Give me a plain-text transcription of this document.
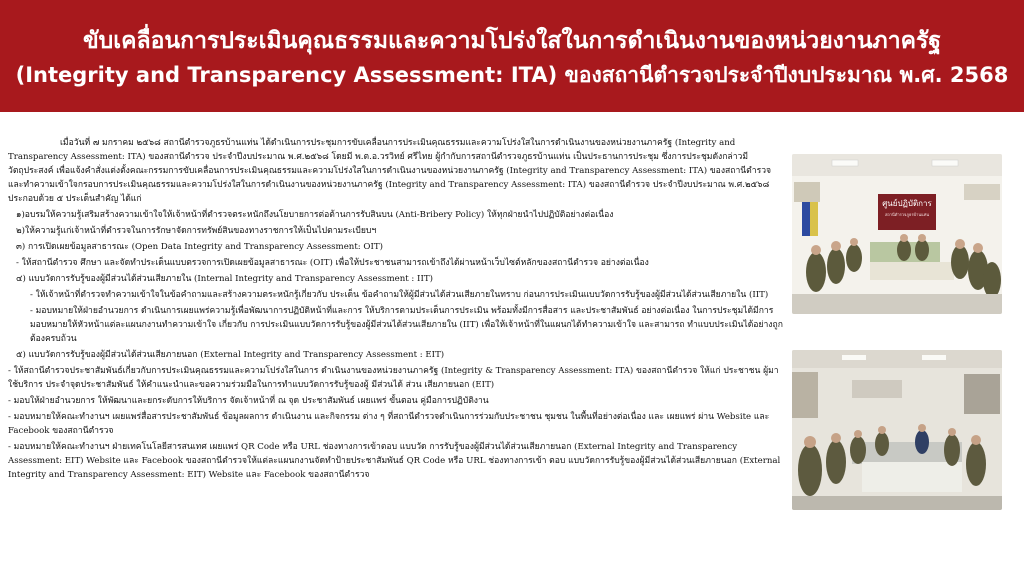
ขับเคลื่อนการประเมินคุณธรรมและความโปร่งใสในการดำเนินงานของหน่วยงานภาครัฐ
(Integrity and Transparency Assessment: ITA) ของสถานีตำรวจประจำปีงบประมาณ พ.ศ. 2568

เมื่อวันที่ ๗ มกราคม ๒๕๖๘ สถานีตำรวจภูธรบ้านแท่น ได้ดำเนินการประชุมการขับเคลื่อนการประเมินคุณธรรมและความโปร่งใสในการดำเนินงานของหน่วยงานภาครัฐ (Integrity and Transparency Assessment: ITA) ของสถานีตำรวจ ประจำปีงบประมาณ พ.ศ.๒๕๖๘ โดยมี พ.ต.อ.วรวิทย์ ศรีไทย ผู้กำกับการสถานีตำรวจภูธรบ้านแท่น เป็นประธานการประชุม ซึ่งการประชุมดังกล่าวมีวัตถุประสงค์ เพื่อแจ้งคำสั่งแต่งตั้งคณะกรรมการขับเคลื่อนการประเมินคุณธรรมและความโปร่งใสในการดำเนินงานของหน่วยงานภาครัฐ (Integrity and Transparency Assessment: ITA) ของสถานีตำรวจ และทำความเข้าใจกรอบการประเมินคุณธรรมและความโปร่งใสในการดำเนินงานของหน่วยงานภาครัฐ (Integrity and Transparency Assessment: ITA) ของสถานีตำรวจ ประจำปีงบประมาณ พ.ศ.๒๕๖๘ ประกอบด้วย ๕ ประเด็นสำคัญ ได้แก่

๑)อบรมให้ความรู้เสริมสร้างความเข้าใจให้เจ้าหน้าที่ตำรวจตระหนักถึงนโยบายการต่อต้านการรับสินบน (Anti-Bribery Policy) ให้ทุกฝ่ายนำไปปฏิบัติอย่างต่อเนื่อง

๒)ให้ความรู้แก่เจ้าหน้าที่ตำรวจในการรักษาจัดการทรัพย์สินของทางราชการให้เป็นไปตามระเบียบฯ

๓) การเปิดเผยข้อมูลสาธารณะ (Open Data Integrity and Transparency Assessment: OIT)

- ให้สถานีตำรวจ ศึกษา และจัดทำประเด็นแบบตรวจการเปิดเผยข้อมูลสาธารณะ (OIT) เพื่อให้ประชาชนสามารถเข้าถึงได้ผ่านหน้าเว็บไซต์หลักของสถานีตำรวจ อย่างต่อเนื่อง

๔) แบบวัดการรับรู้ของผู้มีส่วนได้ส่วนเสียภายใน (Internal Integrity and Transparency Assessment : IIT)

- ให้เจ้าหน้าที่ตำรวจทำความเข้าใจในข้อคำถามและสร้างความตระหนักรู้เกี่ยวกับ ประเด็น ข้อคำถามให้ผู้มีส่วนได้ส่วนเสียภายในทราบ ก่อนการประเมินแบบวัดการรับรู้ของผู้มีส่วนได้ส่วนเสียภายใน (IIT)

- มอบหมายให้ฝ่ายอำนวยการ ดำเนินการเผยแพร่ความรู้เพื่อพัฒนาการปฏิบัติหน้าที่และการ ให้บริการตามประเด็นการประเมิน พร้อมทั้งมีการสื่อสาร และประชาสัมพันธ์ อย่างต่อเนื่อง ในการประชุมได้มีการมอบหมายให้หัวหน้าแต่ละแผนกงานทำความเข้าใจ เกี่ยวกับ การประเมินแบบวัดการรับรู้ของผู้มีส่วนได้ส่วนเสียภายใน (IIT) เพื่อให้เจ้าหน้าที่ในแผนกได้ทำความเข้าใจ และสามารถ ทำแบบประเมินได้อย่างถูกต้องครบถ้วน

๕) แบบวัดการรับรู้ของผู้มีส่วนได้ส่วนเสียภายนอก (External Integrity and Transparency Assessment : EIT)

- ให้สถานีตำรวจประชาสัมพันธ์เกี่ยวกับการประเมินคุณธรรมและความโปร่งใสในการ ดำเนินงานของหน่วยงานภาครัฐ (Integrity & Transparency Assessment: ITA) ของสถานีตำรวจ ให้แก่ ประชาชน ผู้มาใช้บริการ ประจำจุดประชาสัมพันธ์ ให้คำแนะนำและขอความร่วมมือในการทำแบบวัดการรับรู้ของผู้ มีส่วนได้ ส่วน เสียภายนอก (EIT)

- มอบให้ฝ่ายอำนวยการ ให้พัฒนาและยกระดับการให้บริการ จัดเจ้าหน้าที่ ณ จุด ประชาสัมพันธ์ เผยแพร่ ขั้นตอน คู่มือการปฏิบัติงาน

- มอบหมายให้คณะทำงานฯ เผยแพร่สื่อสารประชาสัมพันธ์ ข้อมูลผลการ ดำเนินงาน และกิจกรรม ต่าง ๆ ที่สถานีตำรวจดำเนินการร่วมกับประชาชน ชุมชน ในพื้นที่อย่างต่อเนื่อง และ เผยแพร่ ผ่าน Website และ Facebook ของสถานีตำรวจ

- มอบหมายให้คณะทำงานฯ ฝ่ายเทคโนโลยีสารสนเทศ เผยแพร่ QR Code หรือ URL ช่องทางการเข้าตอบ แบบวัด การรับรู้ของผู้มีส่วนได้ส่วนเสียภายนอก (External Integrity and Transparency Assessment: EIT) Website และ Facebook ของสถานีตำรวจให้แต่ละแผนกงานจัดทำป้ายประชาสัมพันธ์ QR Code หรือ URL ช่องทางการเข้า ตอบ แบบวัดการรับรู้ของผู้มีส่วนได้ส่วนเสียภายนอก (External Integrity and Transparency Assessment: EIT) Website และ Facebook ของสถานีตำรวจ

ศูนย์ปฏิบัติการ
สถานีตำรวจภูธรบ้านแท่น
